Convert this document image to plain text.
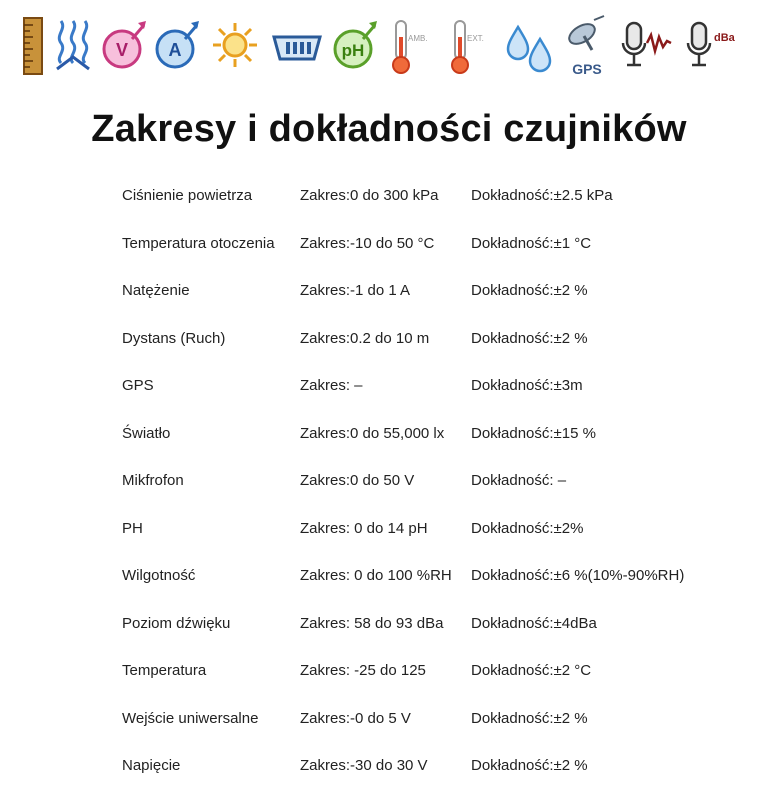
V A	pH
AMB.	EXT.
GPS
dBa
Zakresy i dokładności czujników
Ciśnienie powietrza	Zakres:0 do 300 kPa	Dokładność:±2.5 kPa
Temperatura otoczenia	Zakres:-10 do 50 °C	Dokładność:±1 °C
Natężenie	Zakres:-1 do 1 A	Dokładność:±2 %
Dystans (Ruch)	Zakres:0.2 do 10 m	Dokładność:±2 %
GPS	Zakres: –	Dokładność:±3m
Światło	Zakres:0 do 55,000 lx	Dokładność:±15 %
Mikfrofon	Zakres:0 do 50 V	Dokładność: –
PH	Zakres: 0 do 14 pH	Dokładność:±2%
Wilgotność	Zakres: 0 do 100 %RH	Dokładność:±6 %(10%-90%RH)
Poziom dźwięku	Zakres: 58 do 93 dBa	Dokładność:±4dBa
Temperatura	Zakres: -25 do 125	Dokładność:±2 °C
Wejście uniwersalne	Zakres:-0 do 5 V	Dokładność:±2 %
Napięcie	Zakres:-30 do 30 V	Dokładność:±2 %
